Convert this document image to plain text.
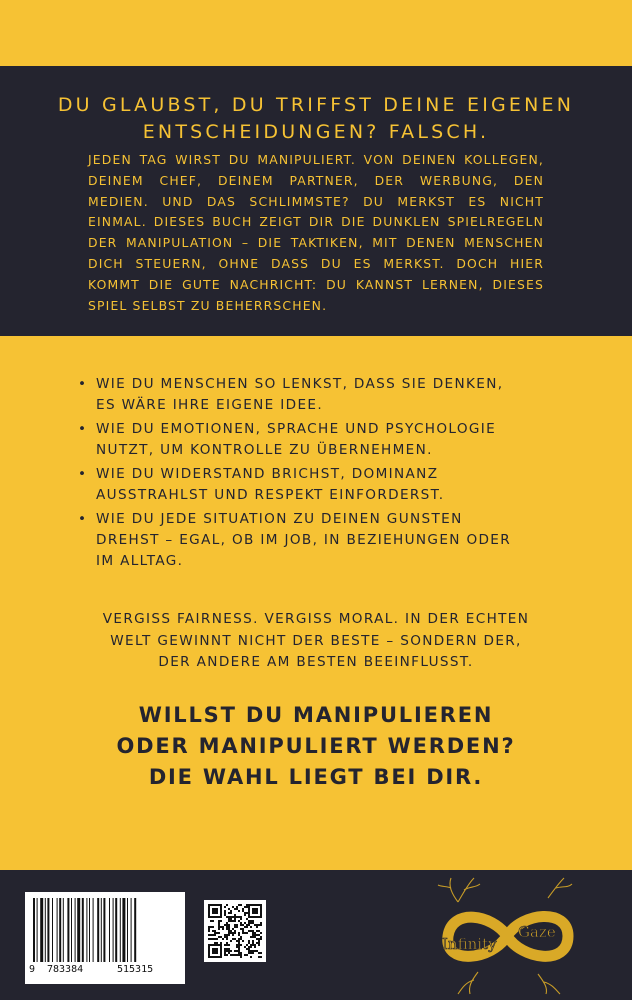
DU GLAUBST, DU TRIFFST DEINE EIGENEN
ENTSCHEIDUNGEN? FALSCH.

JEDEN TAG WIRST DU MANIPULIERT. VON DEINEN KOLLEGEN, DEINEM CHEF, DEINEM PARTNER, DER WERBUNG, DEN MEDIEN. UND DAS SCHLIMMSTE? DU MERKST ES NICHT EINMAL. DIESES BUCH ZEIGT DIR DIE DUNKLEN SPIELREGELN DER MANIPULATION – DIE TAKTIKEN, MIT DENEN MENSCHEN DICH STEUERN, OHNE DASS DU ES MERKST. DOCH HIER KOMMT DIE GUTE NACHRICHT: DU KANNST LERNEN, DIESES SPIEL SELBST ZU BEHERRSCHEN.

• WIE DU MENSCHEN SO LENKST, DASS SIE DENKEN,
ES WÄRE IHRE EIGENE IDEE.
• WIE DU EMOTIONEN, SPRACHE UND PSYCHOLOGIE
NUTZT, UM KONTROLLE ZU ÜBERNEHMEN.
• WIE DU WIDERSTAND BRICHST, DOMINANZ
AUSSTRAHLST UND RESPEKT EINFORDERST.
• WIE DU JEDE SITUATION ZU DEINEN GUNSTEN
DREHST – EGAL, OB IM JOB, IN BEZIEHUNGEN ODER
IM ALLTAG.

VERGISS FAIRNESS. VERGISS MORAL. IN DER ECHTEN
WELT GEWINNT NICHT DER BESTE – SONDERN DER,
DER ANDERE AM BESTEN BEEINFLUSST.

WILLST DU MANIPULIEREN
ODER MANIPULIERT WERDEN?
DIE WAHL LIEGT BEI DIR.

9 783384	515315
Infinity
Gaze
